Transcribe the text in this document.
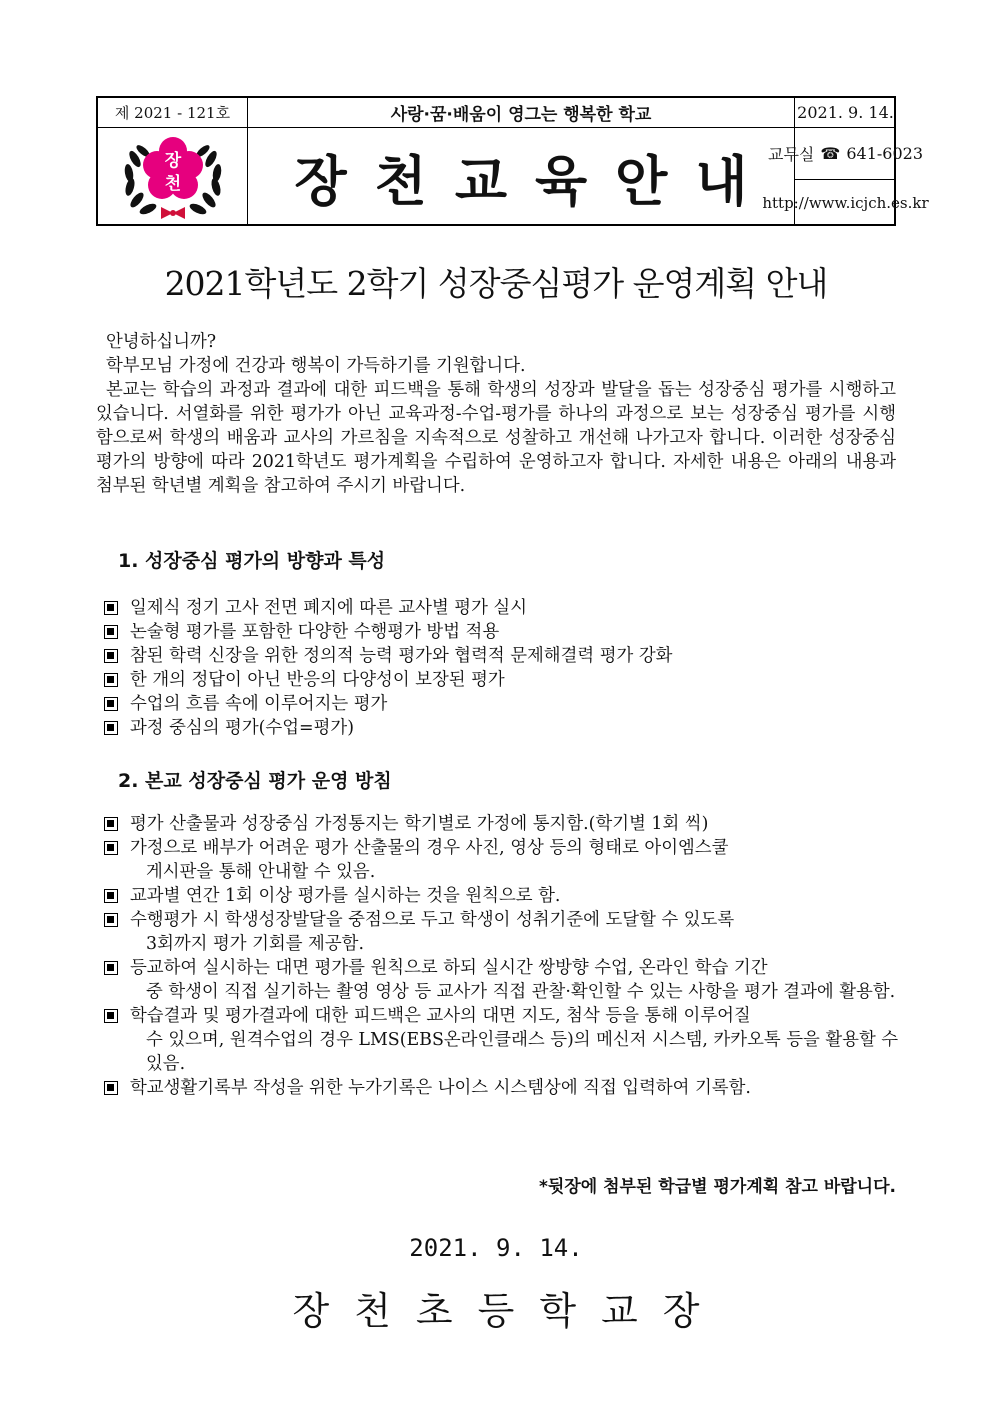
제 2021 - 121호	사랑·꿈·배움이 영그는 행복한 학교	2021. 9. 14.
장
천	장천교육안내
교무실 ☎ 641-6023
http://www.icjch.es.kr
2021학년도 2학기 성장중심평가 운영계획 안내

안녕하십니까?

학부모님 가정에 건강과 행복이 가득하기를 기원합니다.

본교는 학습의 과정과 결과에 대한 피드백을 통해 학생의 성장과 발달을 돕는 성장중심 평가를 시행하고 있습니다. 서열화를 위한 평가가 아닌 교육과정-수업-평가를 하나의 과정으로 보는 성장중심 평가를 시행함으로써 학생의 배움과 교사의 가르침을 지속적으로 성찰하고 개선해 나가고자 합니다. 이러한 성장중심 평가의 방향에 따라 2021학년도 평가계획을 수립하여 운영하고자 합니다. 자세한 내용은 아래의 내용과 첨부된 학년별 계획을 참고하여 주시기 바랍니다.

1. 성장중심 평가의 방향과 특성
일제식 정기 고사 전면 폐지에 따른 교사별 평가 실시
논술형 평가를 포함한 다양한 수행평가 방법 적용
참된 학력 신장을 위한 정의적 능력 평가와 협력적 문제해결력 평가 강화
한 개의 정답이 아닌 반응의 다양성이 보장된 평가
수업의 흐름 속에 이루어지는 평가
과정 중심의 평가(수업=평가)
2. 본교 성장중심 평가 운영 방침
평가 산출물과 성장중심 가정통지는 학기별로 가정에 통지함.(학기별 1회 씩)
가정으로 배부가 어려운 평가 산출물의 경우 사진, 영상 등의 형태로 아이엠스쿨
게시판을 통해 안내할 수 있음.
교과별 연간 1회 이상 평가를 실시하는 것을 원칙으로 함.
수행평가 시 학생성장발달을 중점으로 두고 학생이 성취기준에 도달할 수 있도록
3회까지 평가 기회를 제공함.
등교하여 실시하는 대면 평가를 원칙으로 하되 실시간 쌍방향 수업, 온라인 학습 기간
중 학생이 직접 실기하는 촬영 영상 등 교사가 직접 관찰·확인할 수 있는 사항을 평가 결과에 활용함.
학습결과 및 평가결과에 대한 피드백은 교사의 대면 지도, 첨삭 등을 통해 이루어질
수 있으며, 원격수업의 경우 LMS(EBS온라인클래스 등)의 메신저 시스템, 카카오톡 등을 활용할 수 있음.
학교생활기록부 작성을 위한 누가기록은 나이스 시스템상에 직접 입력하여 기록함.
*뒷장에 첨부된 학급별 평가계획 참고 바랍니다.
2021. 9. 14.
장천초등학교장
